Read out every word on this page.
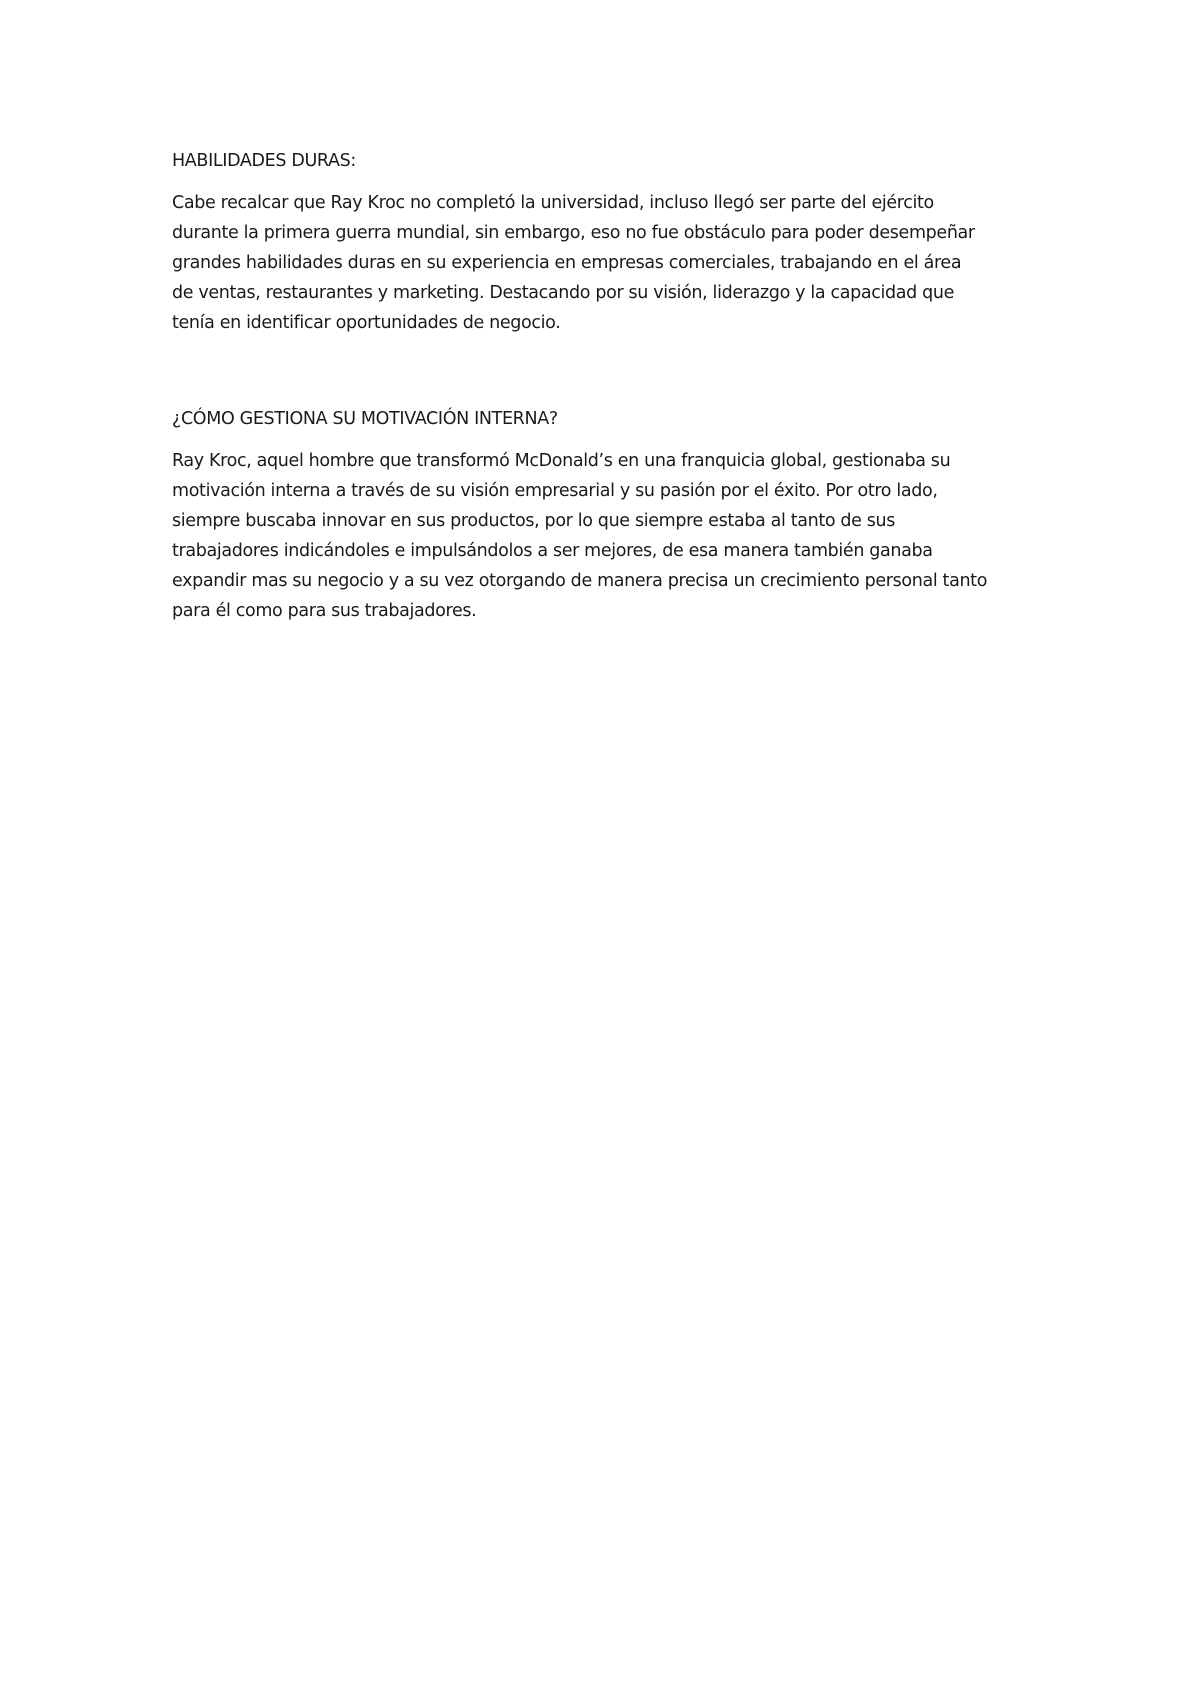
HABILIDADES DURAS:

Cabe recalcar que Ray Kroc no completó la universidad, incluso llegó ser parte del ejército
durante la primera guerra mundial, sin embargo, eso no fue obstáculo para poder desempeñar
grandes habilidades duras en su experiencia en empresas comerciales, trabajando en el área
de ventas, restaurantes y marketing. Destacando por su visión, liderazgo y la capacidad que
tenía en identificar oportunidades de negocio.

¿CÓMO GESTIONA SU MOTIVACIÓN INTERNA?

Ray Kroc, aquel hombre que transformó McDonald’s en una franquicia global, gestionaba su
motivación interna a través de su visión empresarial y su pasión por el éxito. Por otro lado,
siempre buscaba innovar en sus productos, por lo que siempre estaba al tanto de sus
trabajadores indicándoles e impulsándolos a ser mejores, de esa manera también ganaba
expandir mas su negocio y a su vez otorgando de manera precisa un crecimiento personal tanto
para él como para sus trabajadores.
